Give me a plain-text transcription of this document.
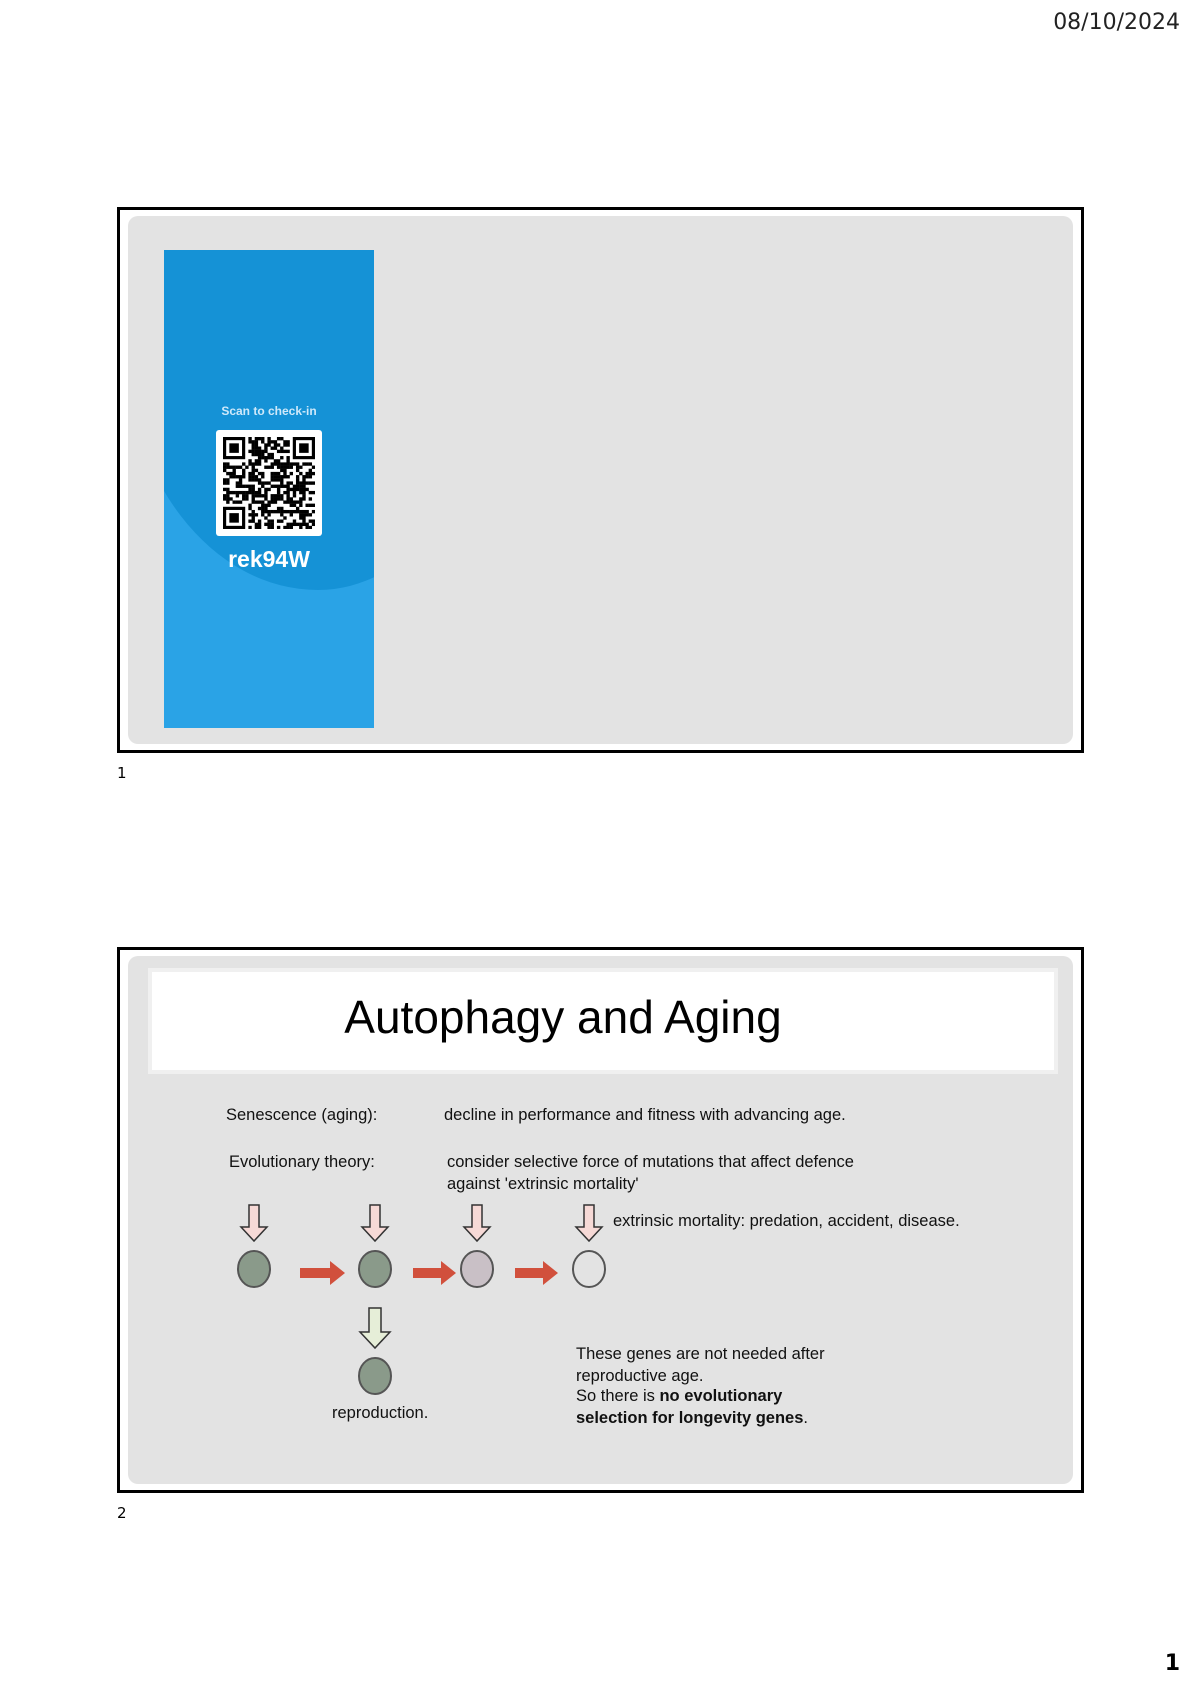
08/10/2024
Scan to check-in
rek94W
1
Autophagy and Aging
Senescence (aging):	decline in performance and fitness with advancing age.
Evolutionary theory:	consider selective force of mutations that affect defence
against 'extrinsic mortality'
extrinsic mortality: predation, accident, disease.
reproduction.
These genes are not needed after
reproductive age.
So there is no evolutionary
selection for longevity genes.
2
1
